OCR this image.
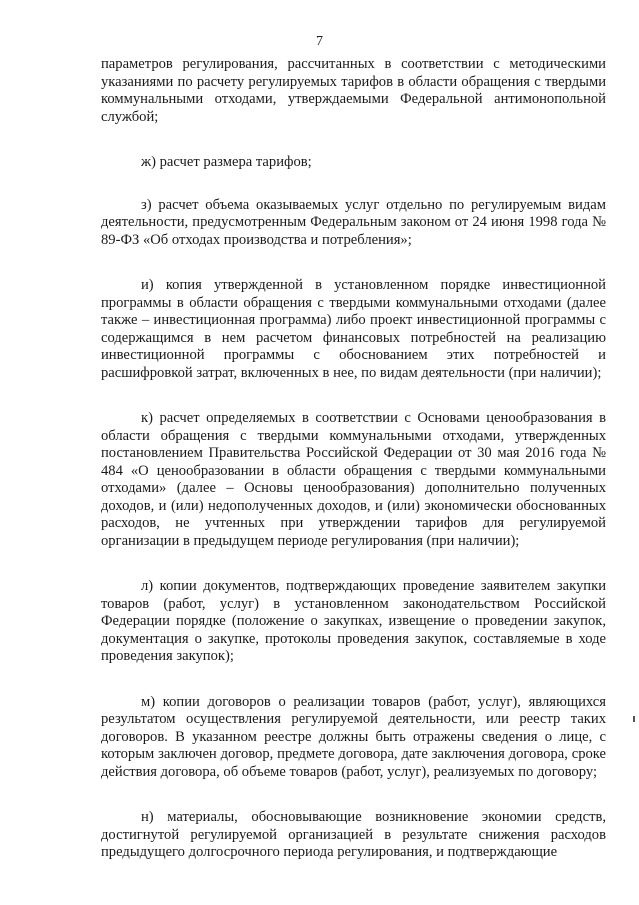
7

параметров регулирования, рассчитанных в соответствии с методическими указаниями по расчету регулируемых тарифов в области обращения с твердыми коммунальными отходами, утверждаемыми Федеральной антимонопольной службой;

ж) расчет размера тарифов;

з) расчет объема оказываемых услуг отдельно по регулируемым видам деятельности, предусмотренным Федеральным законом от 24 июня 1998 года № 89-ФЗ «Об отходах производства и потребления»;

и) копия утвержденной в установленном порядке инвестиционной программы в области обращения с твердыми коммунальными отходами (далее также – инвестиционная программа) либо проект инвестиционной программы с содержащимся в нем расчетом финансовых потребностей на реализацию инвестиционной программы с обоснованием этих потребностей и расшифровкой затрат, включенных в нее, по видам деятельности (при наличии);

к) расчет определяемых в соответствии с Основами ценообразования в области обращения с твердыми коммунальными отходами, утвержденных постановлением Правительства Российской Федерации от 30 мая 2016 года № 484 «О ценообразовании в области обращения с твердыми коммунальными отходами» (далее – Основы ценообразования) дополнительно полученных доходов, и (или) недополученных доходов, и (или) экономически обоснованных расходов, не учтенных при утверждении тарифов для регулируемой организации в предыдущем периоде регулирования (при наличии);

л) копии документов, подтверждающих проведение заявителем закупки товаров (работ, услуг) в установленном законодательством Российской Федерации порядке (положение о закупках, извещение о проведении закупок, документация о закупке, протоколы проведения закупок, составляемые в ходе проведения закупок);

м) копии договоров о реализации товаров (работ, услуг), являющихся результатом осуществления регулируемой деятельности, или реестр таких договоров. В указанном реестре должны быть отражены сведения о лице, с которым заключен договор, предмете договора, дате заключения договора, сроке действия договора, об объеме товаров (работ, услуг), реализуемых по договору;

н) материалы, обосновывающие возникновение экономии средств, достигнутой регулируемой организацией в результате снижения расходов предыдущего долгосрочного периода регулирования, и подтверждающие
